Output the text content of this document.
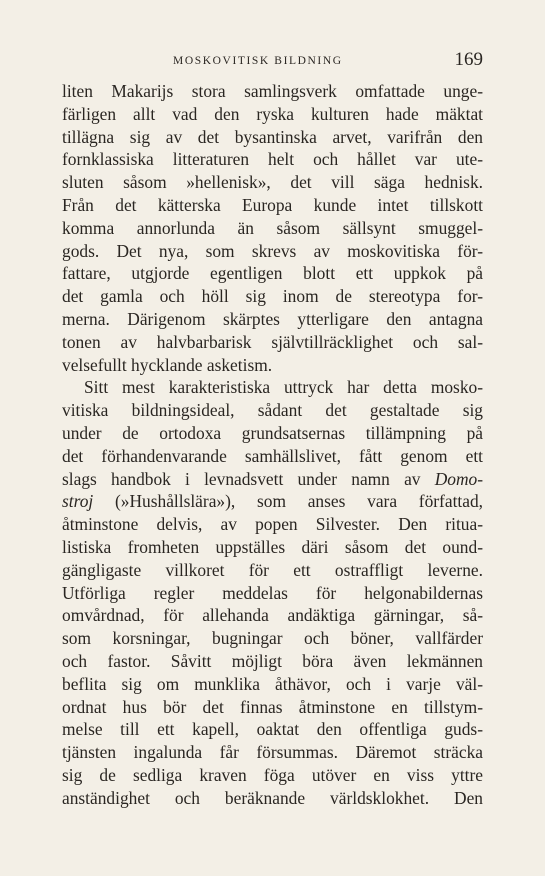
MOSKOVITISK BILDNING	169
liten Makarijs stora samlingsverk omfattade unge-
färligen allt vad den ryska kulturen hade mäktat
tillägna sig av det bysantinska arvet, varifrån den
fornklassiska litteraturen helt och hållet var ute-
sluten såsom »hellenisk», det vill säga hednisk.
Från det kätterska Europa kunde intet tillskott
komma annorlunda än såsom sällsynt smuggel-
gods. Det nya, som skrevs av moskovitiska för-
fattare, utgjorde egentligen blott ett uppkok på
det gamla och höll sig inom de stereotypa for-
merna. Därigenom skärptes ytterligare den antagna
tonen av halvbarbarisk självtillräcklighet och sal-
velsefullt hycklande asketism.
Sitt mest karakteristiska uttryck har detta mosko-
vitiska bildningsideal, sådant det gestaltade sig
under de ortodoxa grundsatsernas tillämpning på
det förhandenvarande samhällslivet, fått genom ett
slags handbok i levnadsvett under namn av Domo-
stroj (»Hushållslära»), som anses vara författad,
åtminstone delvis, av popen Silvester. Den ritua-
listiska fromheten uppställes däri såsom det ound-
gängligaste villkoret för ett ostraffligt leverne.
Utförliga regler meddelas för helgonabildernas
omvårdnad, för allehanda andäktiga gärningar, så-
som korsningar, bugningar och böner, vallfärder
och fastor. Såvitt möjligt böra även lekmännen
beflita sig om munklika åthävor, och i varje väl-
ordnat hus bör det finnas åtminstone en tillstym-
melse till ett kapell, oaktat den offentliga guds-
tjänsten ingalunda får försummas. Däremot sträcka
sig de sedliga kraven föga utöver en viss yttre
anständighet och beräknande världsklokhet. Den
